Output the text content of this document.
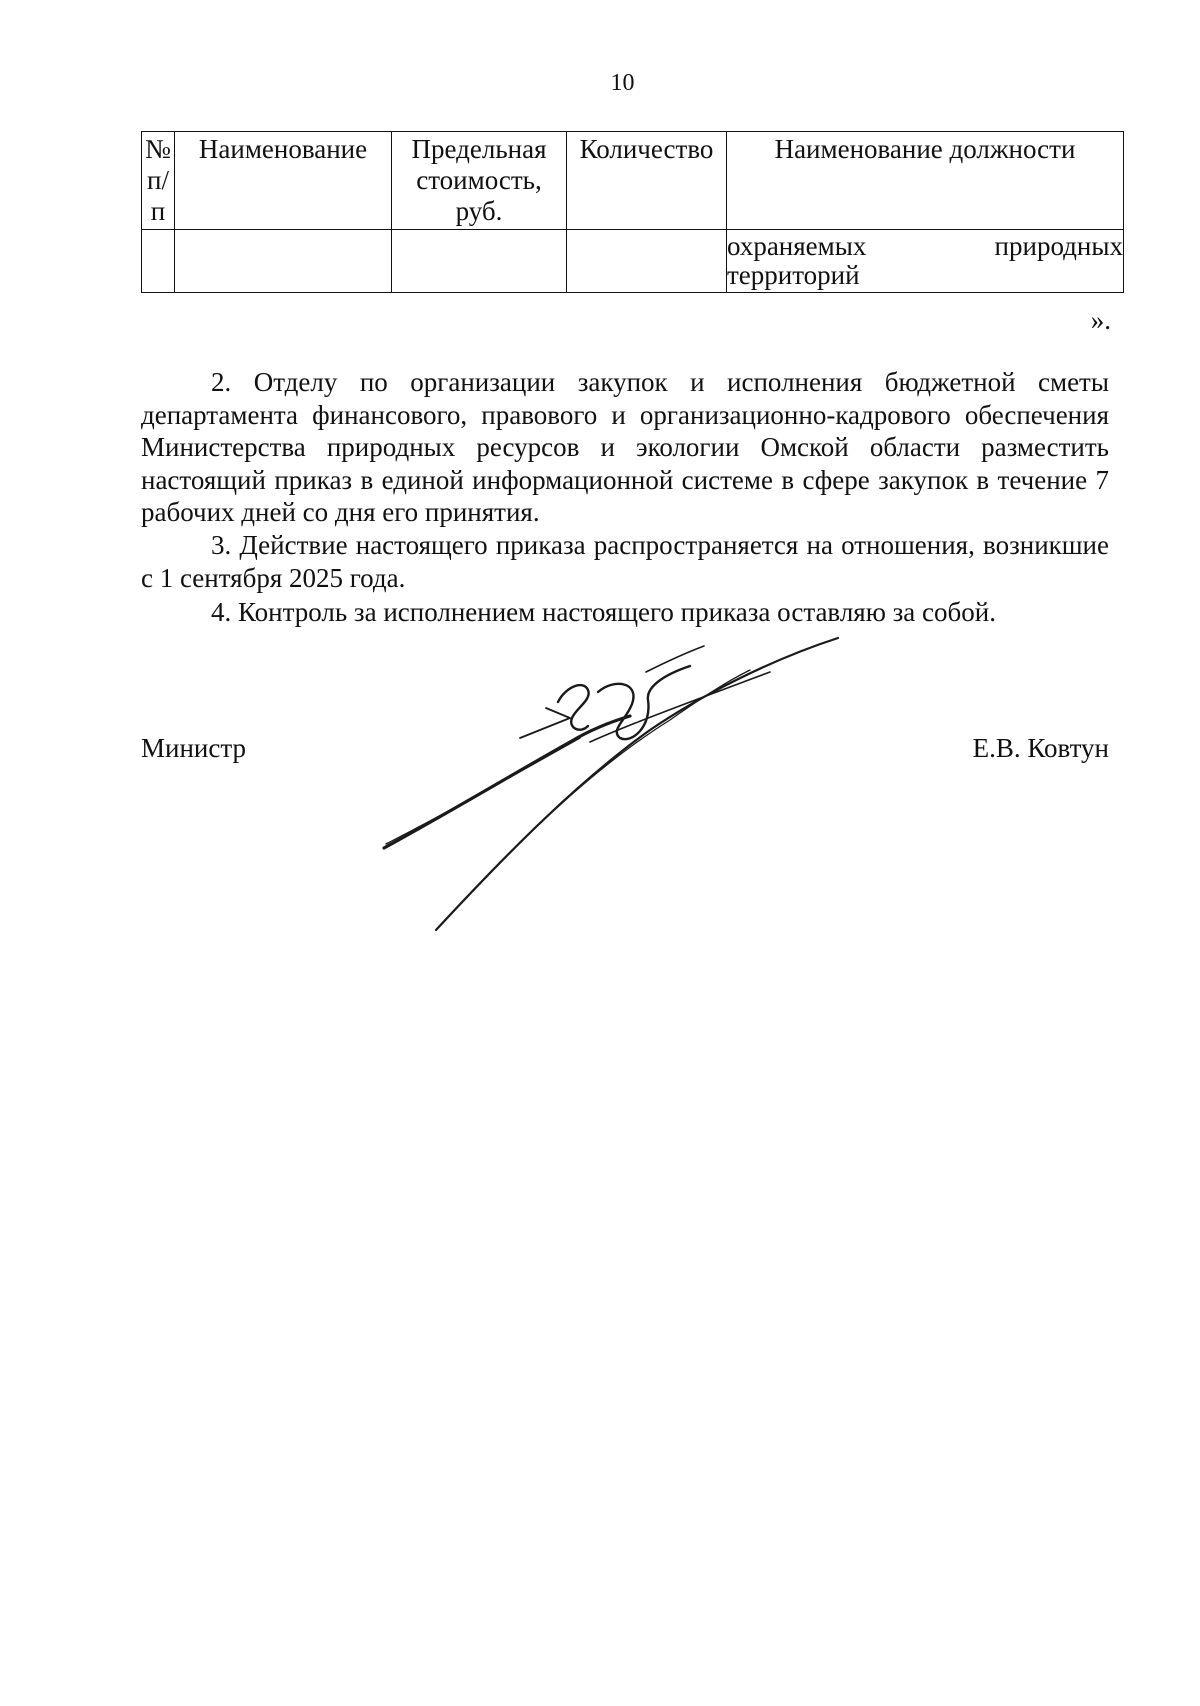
10
№ п/п	Наименование	Предельная стоимость, руб.	Количество	Наименование должности
				охраняемых природных территорий
».

2. Отделу по организации закупок и исполнения бюджетной сметы департамента финансового, правового и организационно-кадрового обеспечения Министерства природных ресурсов и экологии Омской области разместить настоящий приказ в единой информационной системе в сфере закупок в течение 7 рабочих дней со дня его принятия.

3. Действие настоящего приказа распространяется на отношения, возникшие с 1 сентября 2025 года.

4. Контроль за исполнением настоящего приказа оставляю за собой.

Министр	Е.В. Ковтун
